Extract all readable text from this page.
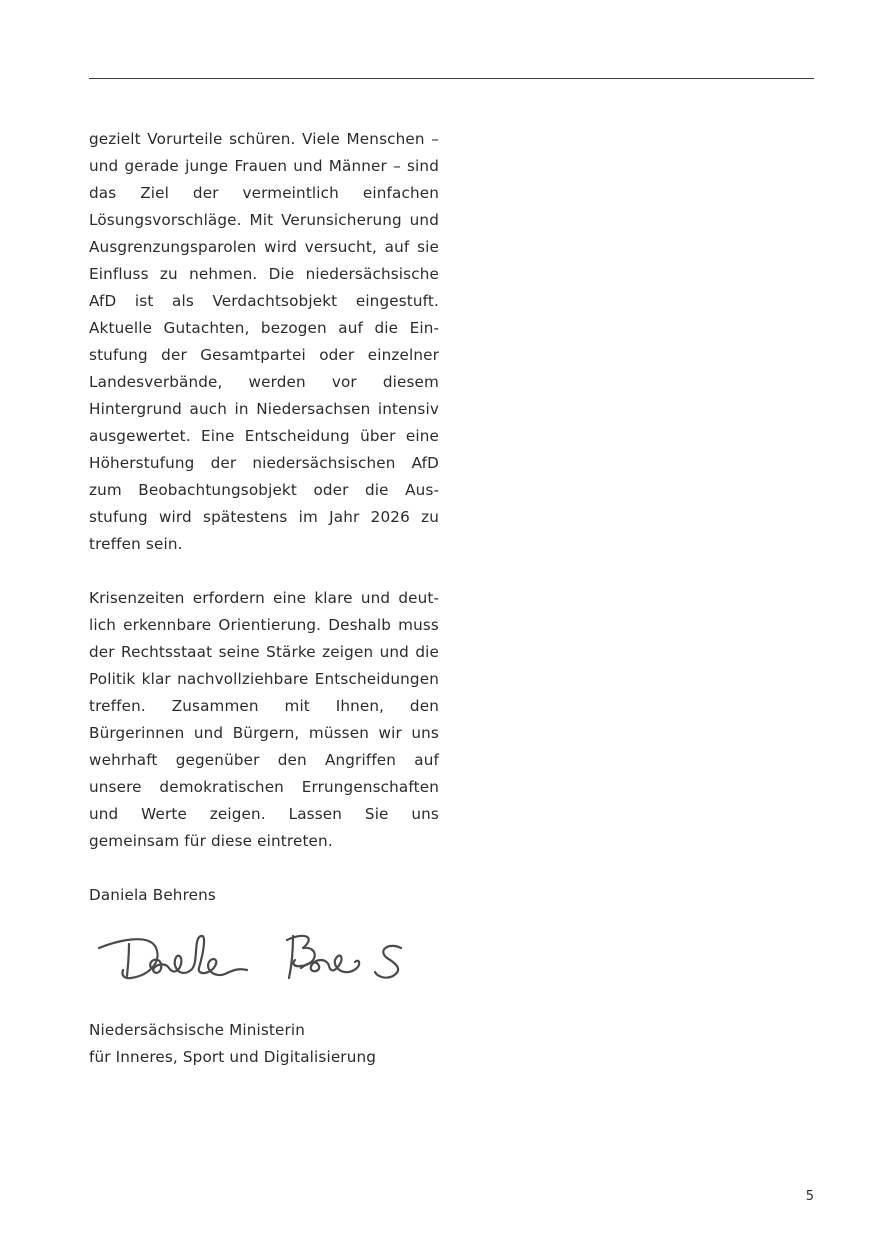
gezielt Vorurteile schüren. Viele Menschen – und gerade junge Frauen und Männer – sind das Ziel der vermeintlich einfachen Lösungsvorschläge. Mit Verunsicherung und Ausgrenzungsparolen wird versucht, auf sie Einfluss zu nehmen. Die niedersächsische AfD ist als Verdachtsobjekt eingestuft. Aktuelle Gutachten, bezogen auf die Einstufung der Gesamtpartei oder einzelner Landesverbände, werden vor diesem Hintergrund auch in Niedersachsen intensiv ausgewertet. Eine Entscheidung über eine Höherstufung der niedersächsischen AfD zum Beobachtungsobjekt oder die Ausstufung wird spätestens im Jahr 2026 zu treffen sein.

Krisenzeiten erfordern eine klare und deutlich erkennbare Orientierung. Deshalb muss der Rechtsstaat seine Stärke zeigen und die Politik klar nachvollziehbare Entscheidungen treffen. Zusammen mit Ihnen, den Bürgerinnen und Bürgern, müssen wir uns wehrhaft gegenüber den Angriffen auf unsere demokratischen Errungenschaften und Werte zeigen. Lassen Sie uns gemeinsam für diese eintreten.

Daniela Behrens
Niedersächsische Ministerin
für Inneres, Sport und Digitalisierung
5
